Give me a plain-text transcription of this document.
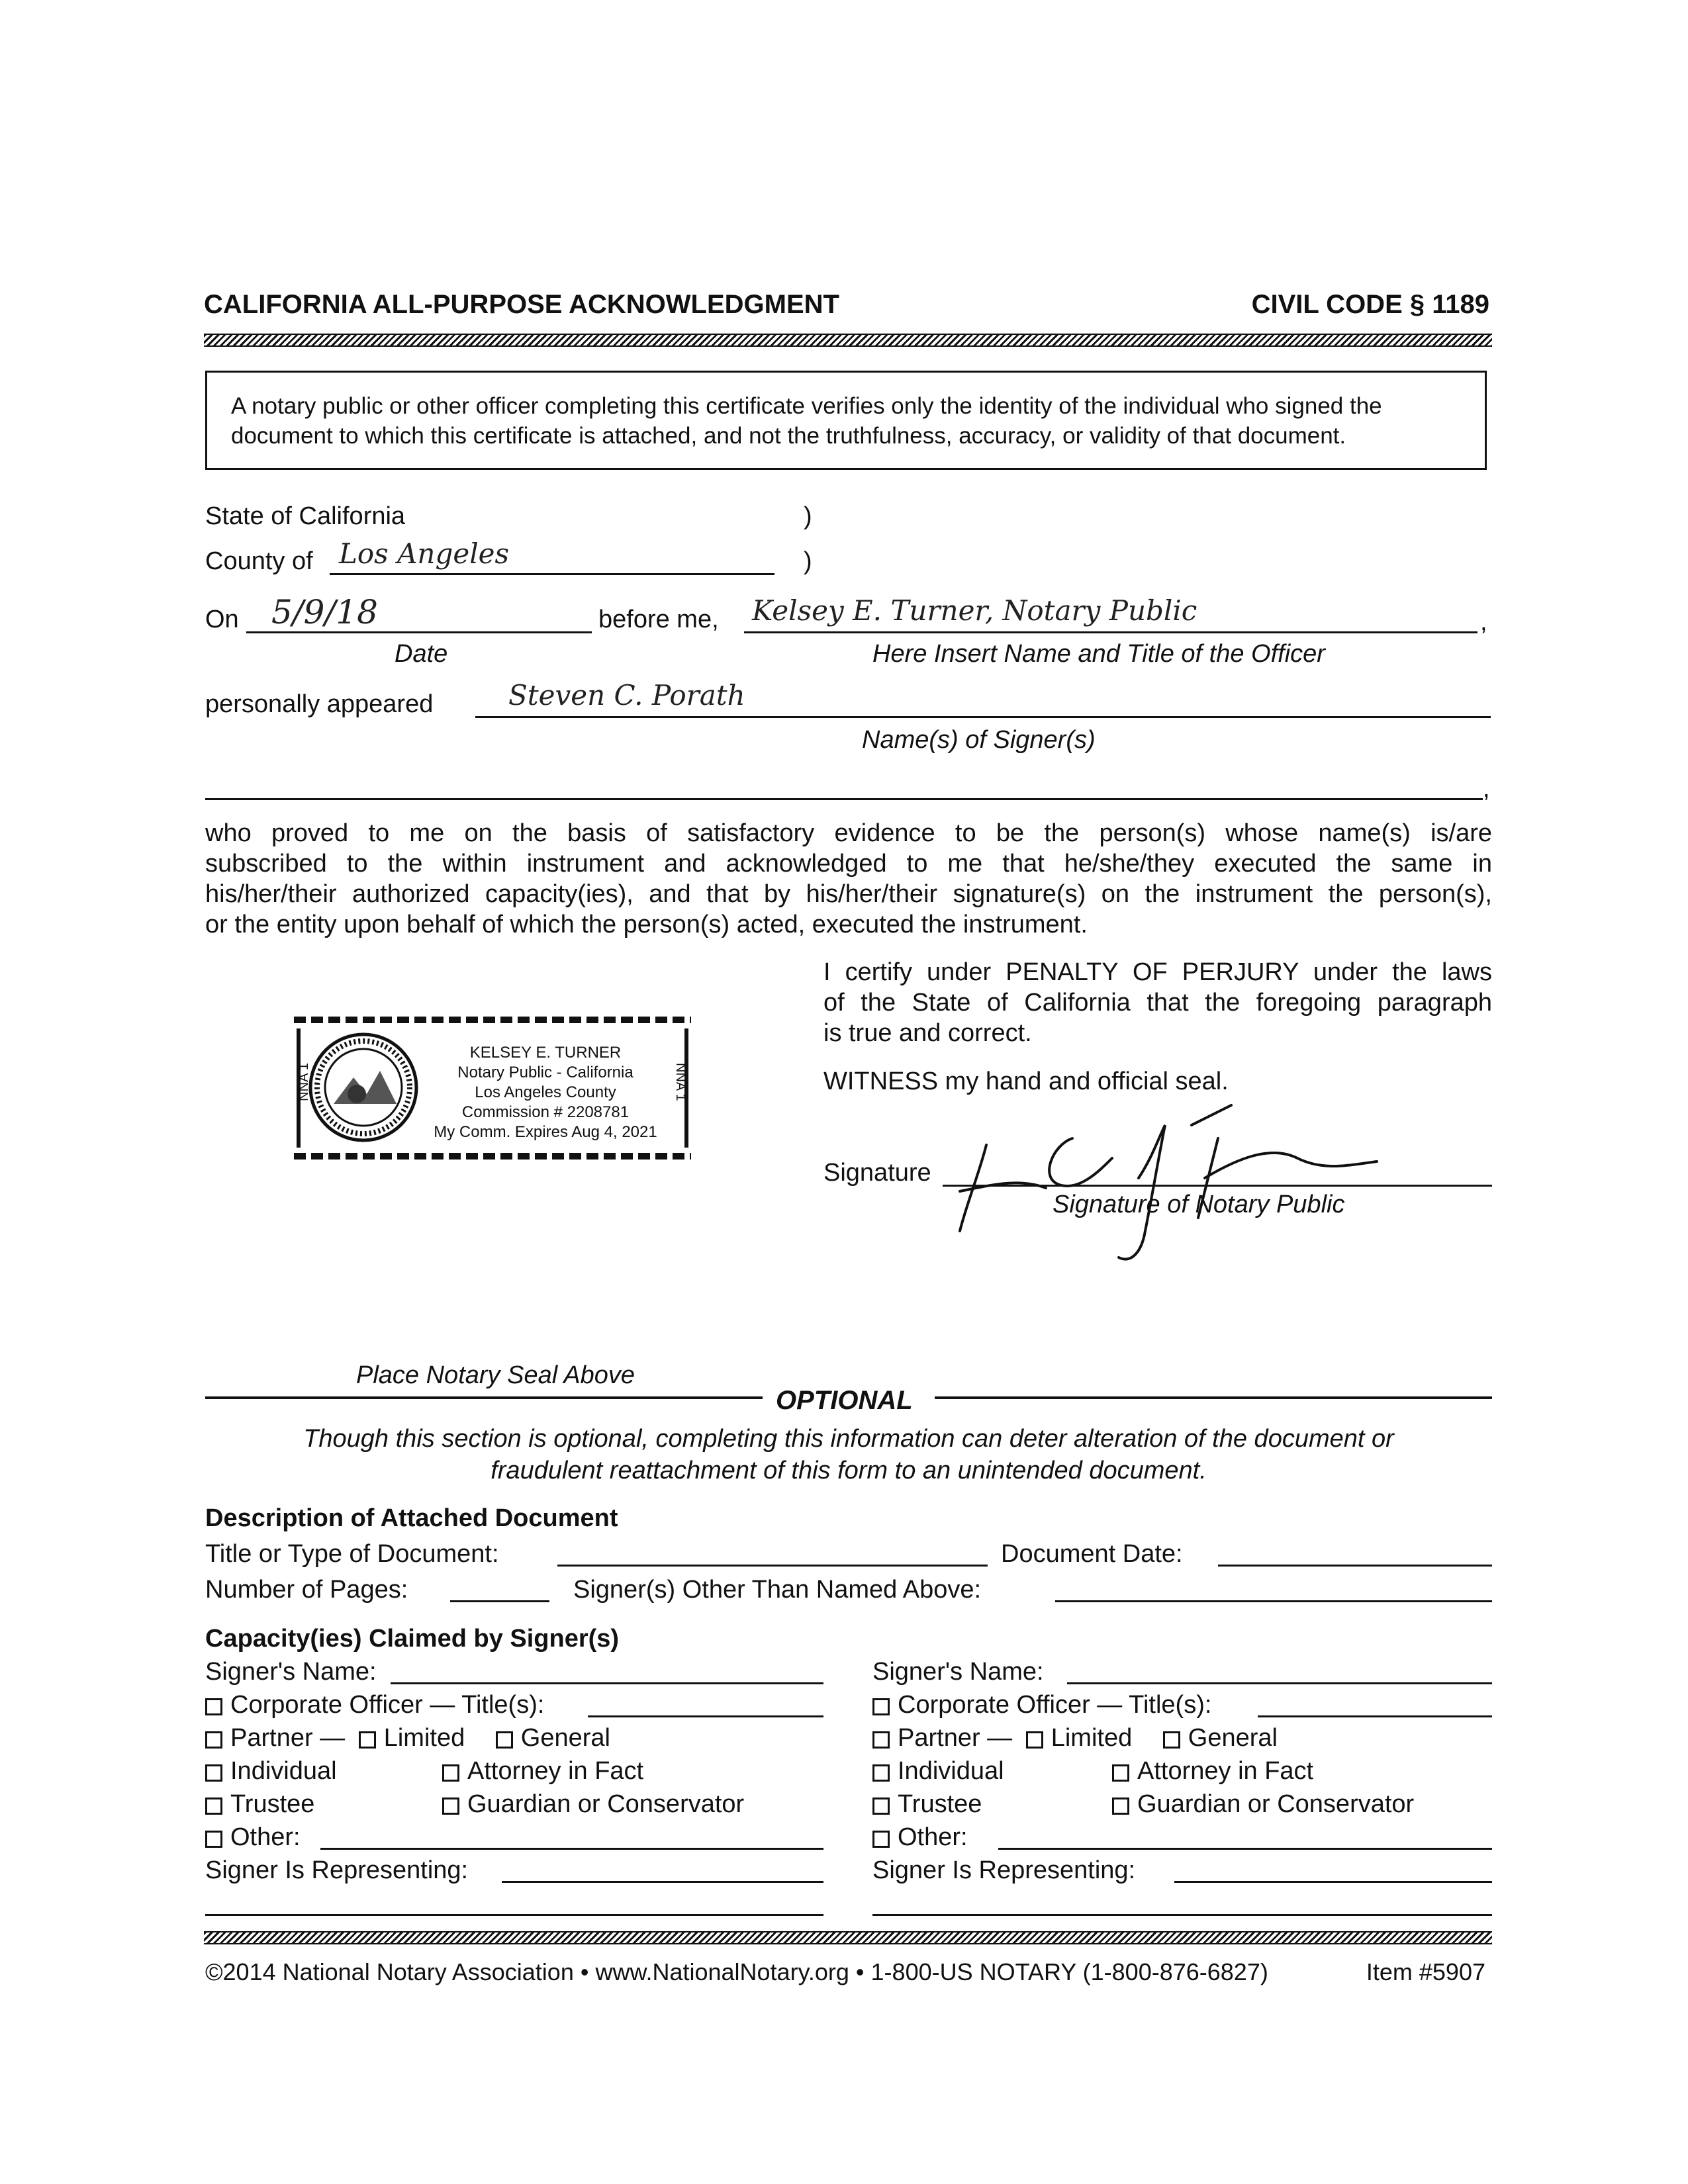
CALIFORNIA ALL-PURPOSE ACKNOWLEDGMENT	CIVIL CODE § 1189
A notary public or other officer completing this certificate verifies only the identity of the individual who signed the document to which this certificate is attached, and not the truthfulness, accuracy, or validity of that document.
State of California	)
County of Los Angeles	)
On 5/9/18	before me, Kelsey E. Turner, Notary Public	,
Date	Here Insert Name and Title of the Officer
personally appeared	Steven C. Porath
Name(s) of Signer(s)
,
who proved to me on the basis of satisfactory evidence to be the person(s) whose name(s) is/are
subscribed to the within instrument and acknowledged to me that he/she/they executed the same in
his/her/their authorized capacity(ies), and that by his/her/their signature(s) on the instrument the person(s),
or the entity upon behalf of which the person(s) acted, executed the instrument.
I certify under PENALTY OF PERJURY under the laws
of the State of California that the foregoing paragraph
is true and correct.
WITNESS my hand and official seal.
Signature
Signature of Notary Public
NNA 1	NNA 1
KELSEY E. TURNER
Notary Public - California
Los Angeles County
Commission # 2208781
My Comm. Expires Aug 4, 2021
Place Notary Seal Above
OPTIONAL
Though this section is optional, completing this information can deter alteration of the document or
fraudulent reattachment of this form to an unintended document.
Description of Attached Document
Title or Type of Document:	Document Date:
Number of Pages:	Signer(s) Other Than Named Above:
Capacity(ies) Claimed by Signer(s)
Signer's Name:
Corporate Officer — Title(s):
Partner — Limited General
Individual	Attorney in Fact
Trustee	Guardian or Conservator
Other:
Signer Is Representing:
Signer's Name:
Corporate Officer — Title(s):
Partner — Limited General
Individual	Attorney in Fact
Trustee	Guardian or Conservator
Other:
Signer Is Representing:
©2014 National Notary Association • www.NationalNotary.org • 1-800-US NOTARY (1-800-876-6827)	Item #5907
